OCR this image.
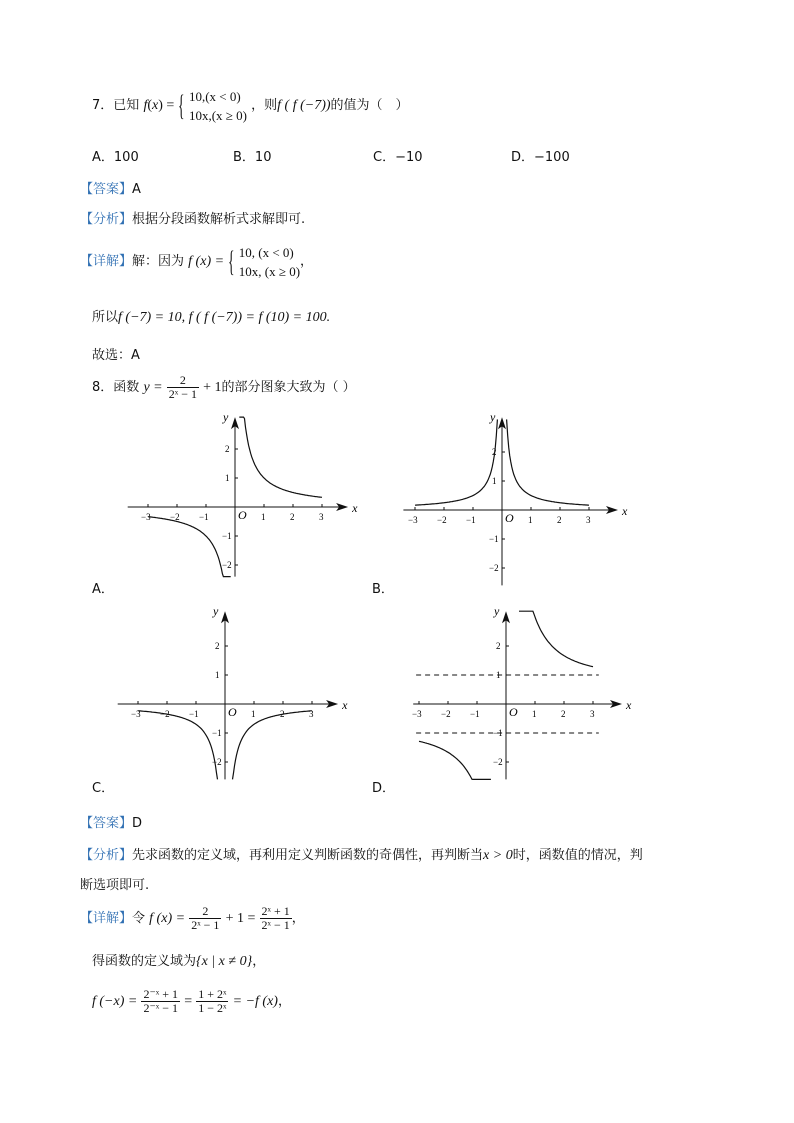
7．已知 f(x) = { 10,(x < 0)
10x,(x ≥ 0)
，则f ( f (−7))的值为（　）
A．100	B．10	C．−10	D．−100
【答案】A
【分析】根据分段函数解析式求解即可.
【详解】解：因为 f (x) = { 10, (x < 0)
10x, (x ≥ 0)
，
所以f (−7) = 10, f ( f (−7)) = f (10) = 100.
故选：A
8．函数 $y = \frac{2}{\text{2ˣ − 1}} + 1$的部分图象大致为（ ）
x
y
O
−3 −2 −1	1	2	3
2
1
−1
−2
x
y
O
−3 −2 −1	1	2	3
2
1
−1
−2
x
y
O
−3 −2 −1	1	2	3
2
1
−1
−2
x
y
O
−3 −2 −1	1	2	3
2
1
−1
−2
A．	B．
C．	D．
【答案】D
【分析】先求函数的定义域，再利用定义判断函数的奇偶性，再判断当x > 0时，函数值的情况，判
断选项即可.
【详解】令 f $(x) = \frac{2}{\text{2ˣ − 1}} + 1 = \frac{\text{2ˣ + 1}}{\text{2ˣ − 1}}$ ，
得函数的定义域为{x | x ≠ 0}，
f $(-x) = \frac{\text{2⁻ˣ + 1}}{\text{2⁻ˣ − 1}} = \frac{\text{1 + 2ˣ}}{\text{1 − 2ˣ}} = -f$ (x)，
